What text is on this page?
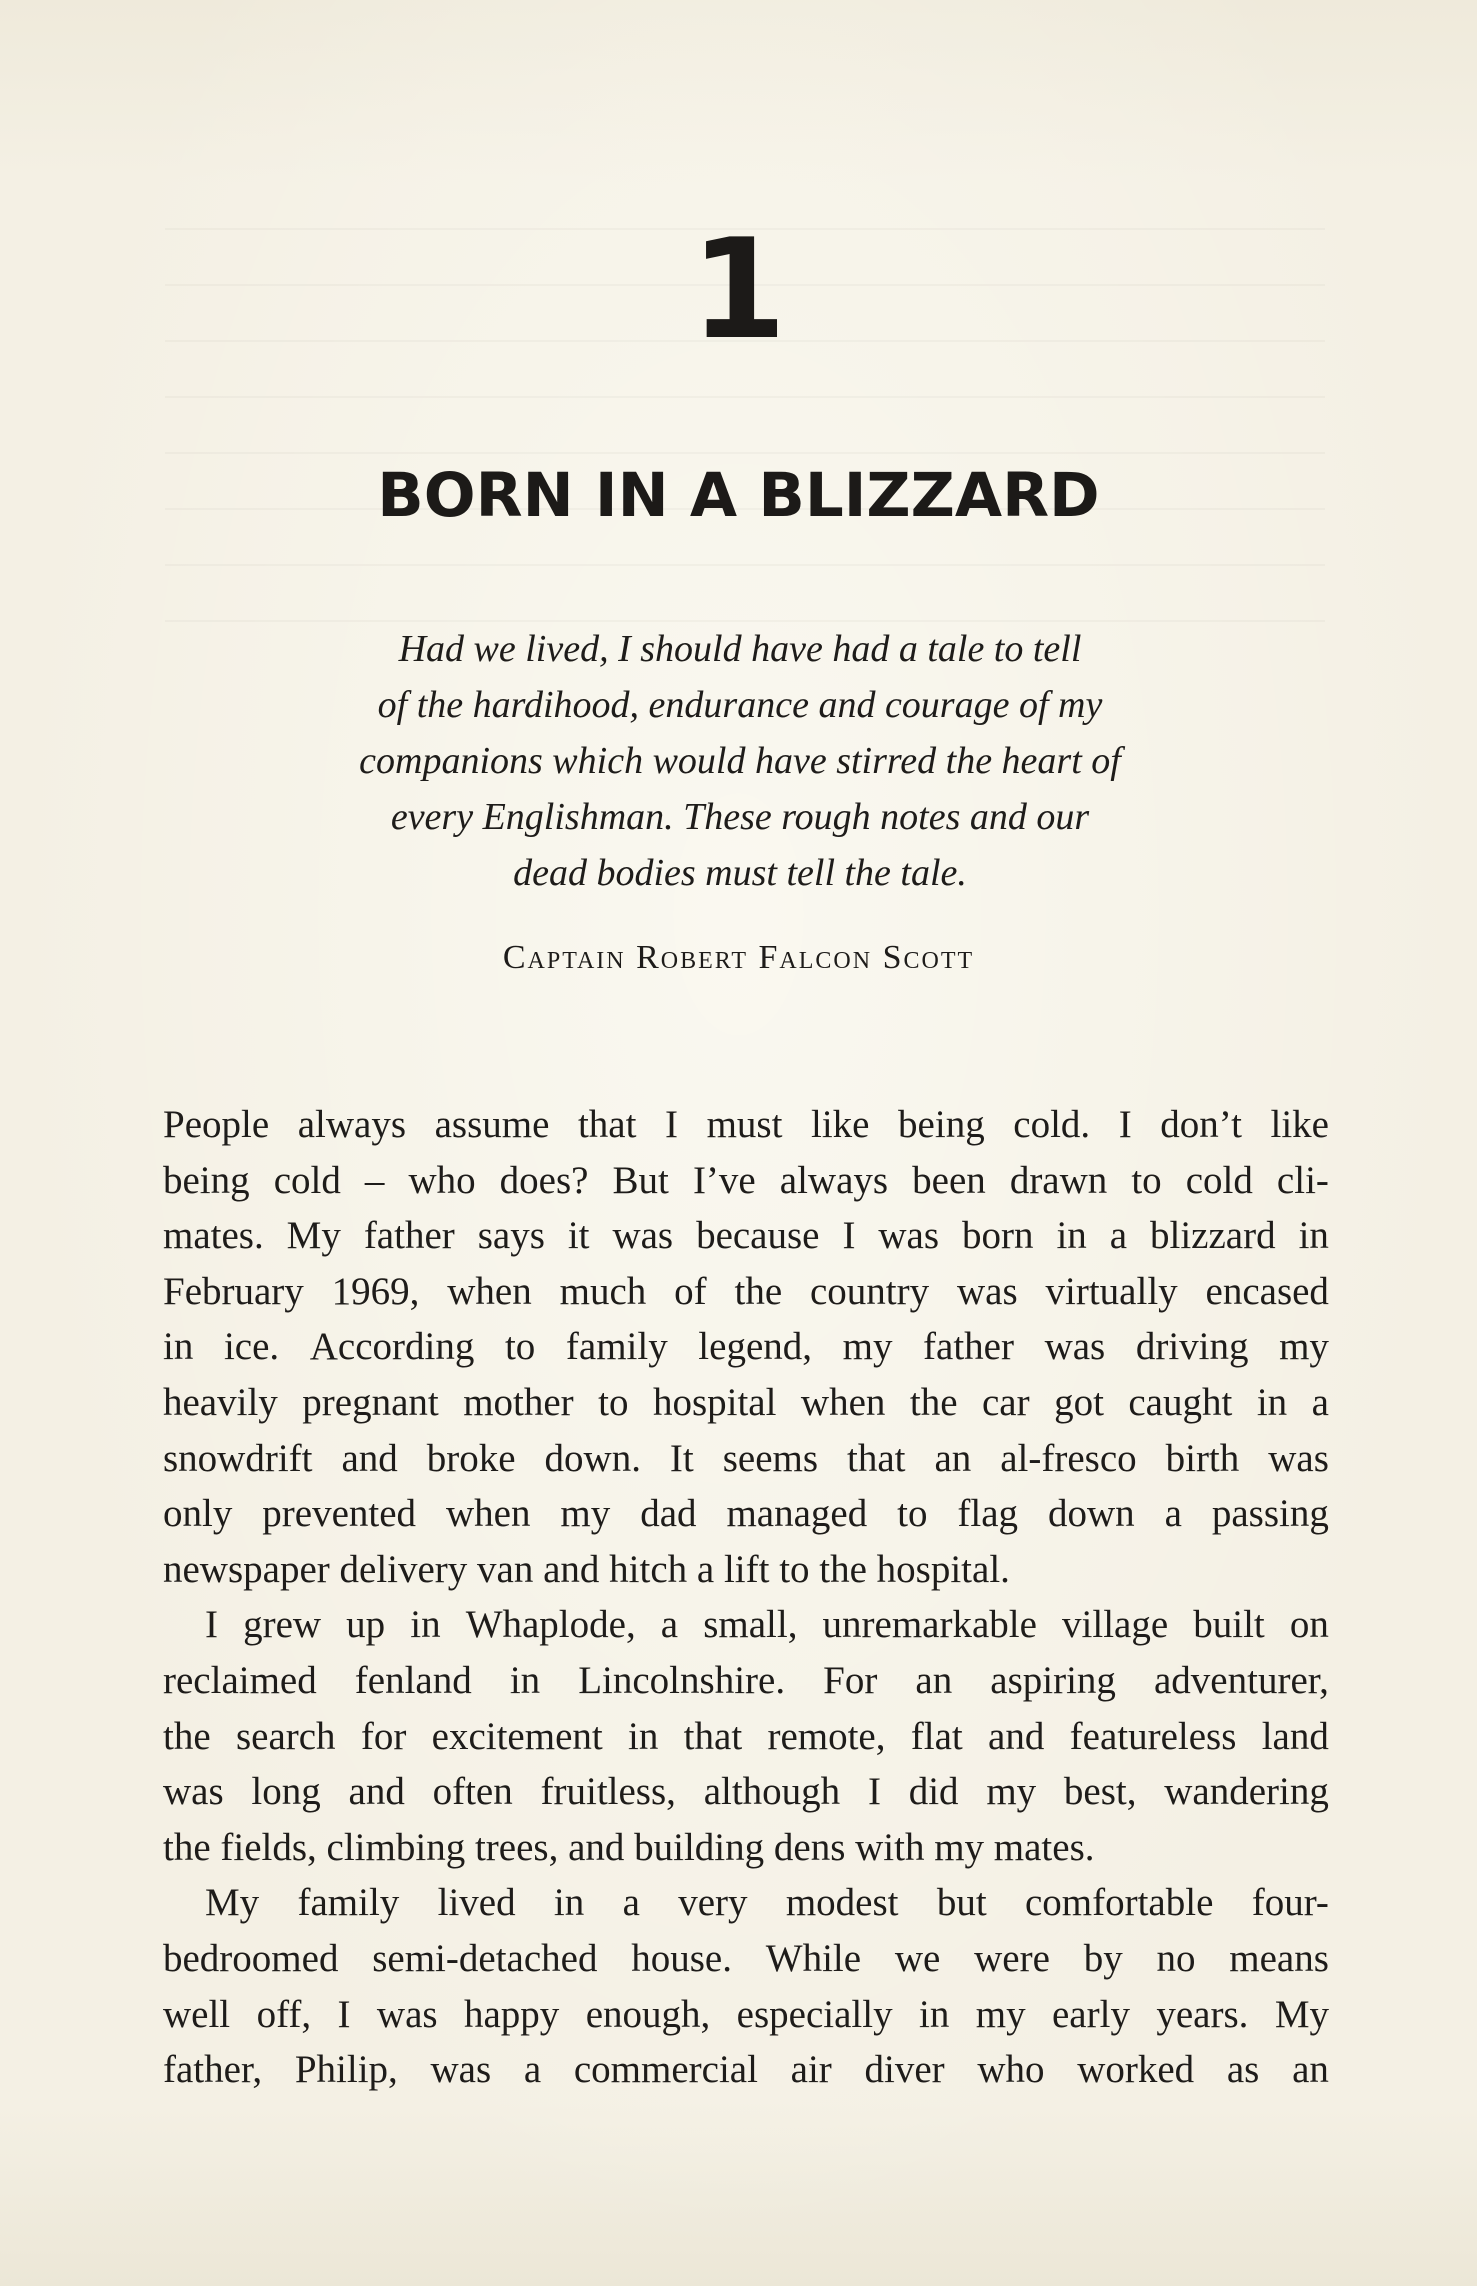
1
BORN IN A BLIZZARD
Had we lived, I should have had a tale to tell
of the hardihood, endurance and courage of my
companions which would have stirred the heart of
every Englishman. These rough notes and our
dead bodies must tell the tale.
Captain Robert Falcon Scott
People always assume that I must like being cold. I don’t like
being cold – who does? But I’ve always been drawn to cold cli-
mates. My father says it was because I was born in a blizzard in
February 1969, when much of the country was virtually encased
in ice. According to family legend, my father was driving my
heavily pregnant mother to hospital when the car got caught in a
snowdrift and broke down. It seems that an al-fresco birth was
only prevented when my dad managed to flag down a passing
newspaper delivery van and hitch a lift to the hospital.
I grew up in Whaplode, a small, unremarkable village built on
reclaimed fenland in Lincolnshire. For an aspiring adventurer,
the search for excitement in that remote, flat and featureless land
was long and often fruitless, although I did my best, wandering
the fields, climbing trees, and building dens with my mates.
My family lived in a very modest but comfortable four-
bedroomed semi-detached house. While we were by no means
well off, I was happy enough, especially in my early years. My
father, Philip, was a commercial air diver who worked as an
